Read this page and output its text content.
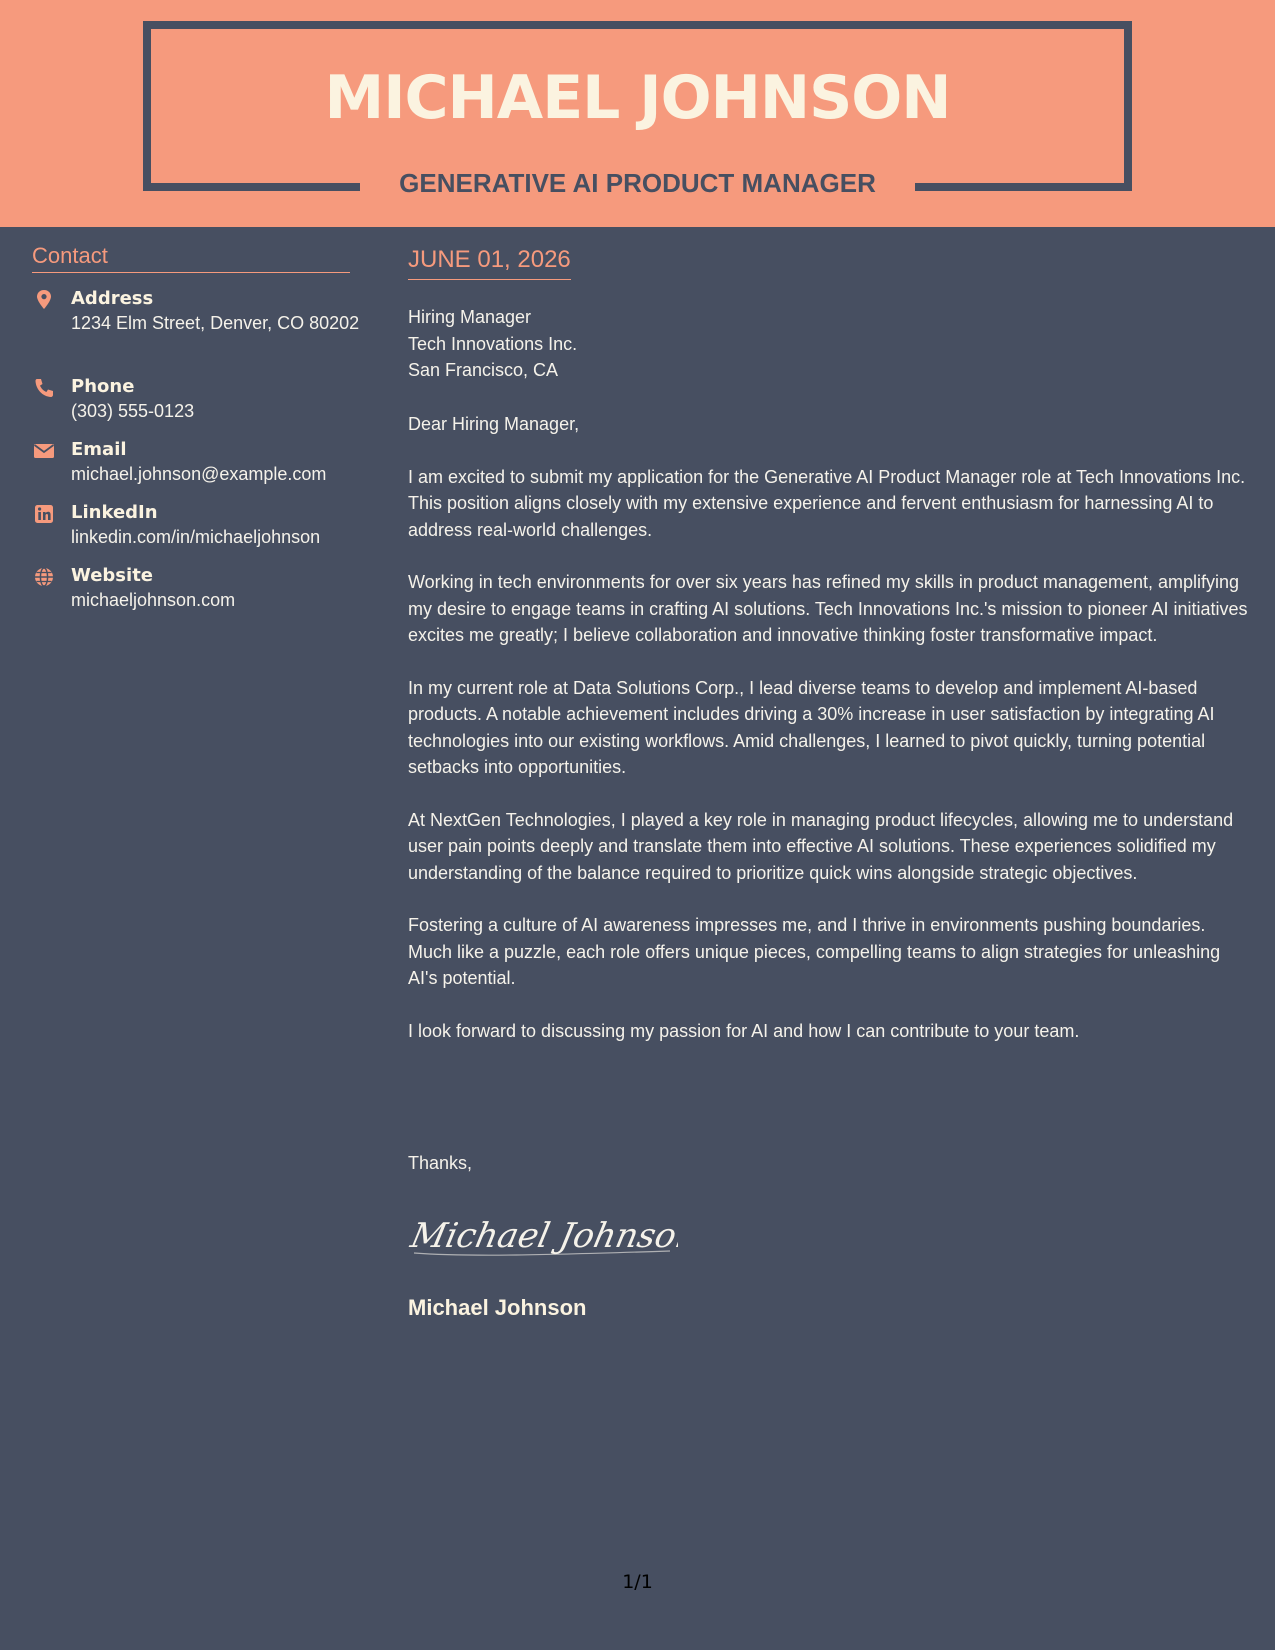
MICHAEL JOHNSON
GENERATIVE AI PRODUCT MANAGER
Contact
Address
1234 Elm Street, Denver, CO 80202
Phone
(303) 555-0123
Email
michael.johnson@example.com
LinkedIn
linkedin.com/in/michaeljohnson
Website
michaeljohnson.com
JUNE 01, 2026
Hiring Manager
Tech Innovations Inc.
San Francisco, CA

Dear Hiring Manager,

I am excited to submit my application for the Generative AI Product Manager role at Tech Innovations Inc. This position aligns closely with my extensive experience and fervent enthusiasm for harnessing AI to address real-world challenges.

Working in tech environments for over six years has refined my skills in product management, amplifying my desire to engage teams in crafting AI solutions. Tech Innovations Inc.'s mission to pioneer AI initiatives excites me greatly; I believe collaboration and innovative thinking foster transformative impact.

In my current role at Data Solutions Corp., I lead diverse teams to develop and implement AI-based products. A notable achievement includes driving a 30% increase in user satisfaction by integrating AI technologies into our existing workflows. Amid challenges, I learned to pivot quickly, turning potential setbacks into opportunities.

At NextGen Technologies, I played a key role in managing product lifecycles, allowing me to understand user pain points deeply and translate them into effective AI solutions. These experiences solidified my understanding of the balance required to prioritize quick wins alongside strategic objectives.

Fostering a culture of AI awareness impresses me, and I thrive in environments pushing boundaries. Much like a puzzle, each role offers unique pieces, compelling teams to align strategies for unleashing AI's potential.

I look forward to discussing my passion for AI and how I can contribute to your team.

Thanks,
Michael Johnson
Michael Johnson
1/1
